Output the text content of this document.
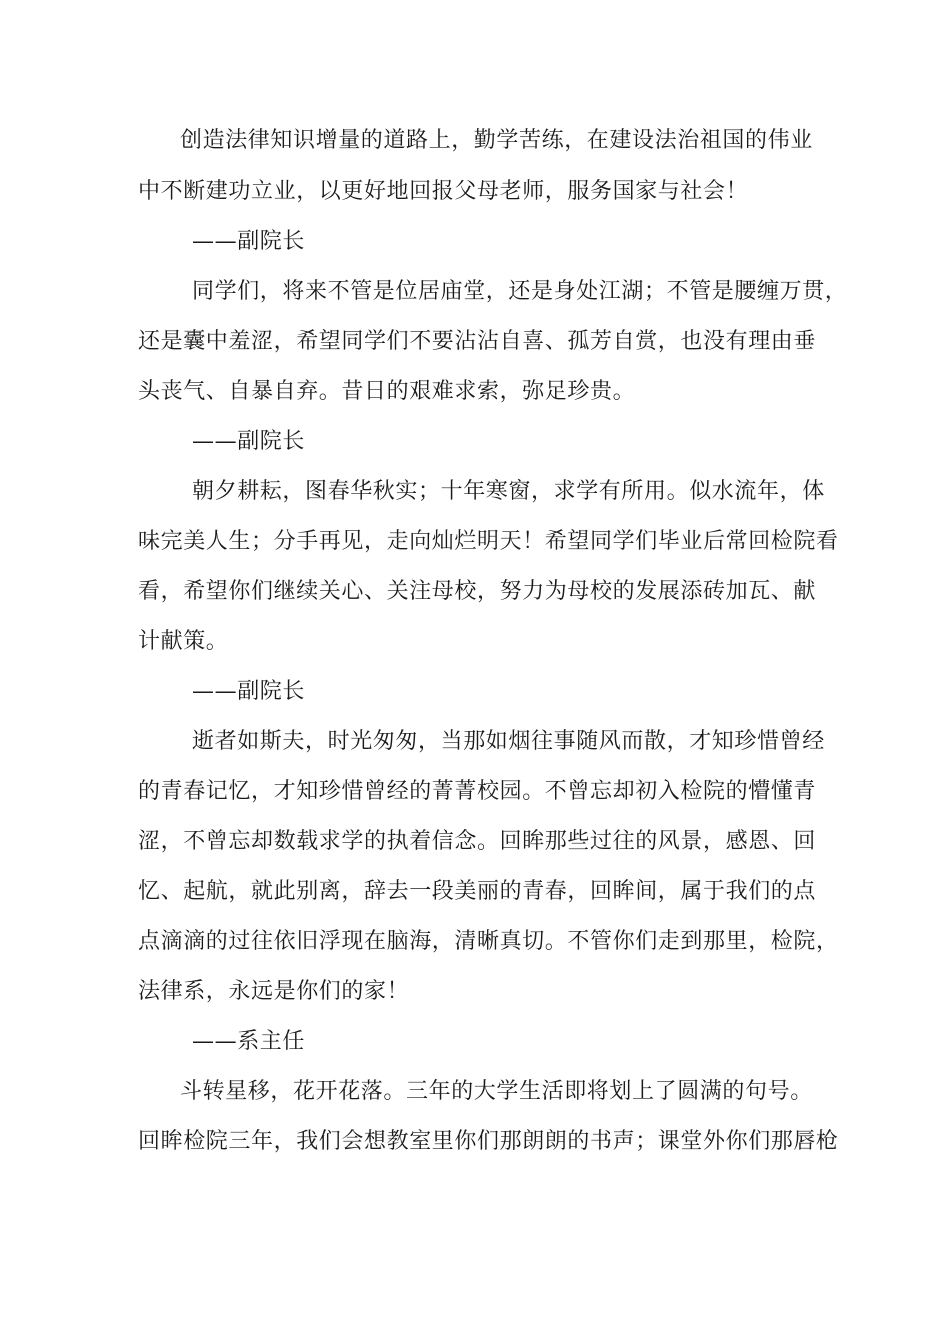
创造法律知识增量的道路上，勤学苦练，在建设法治祖国的伟业
中不断建功立业，以更好地回报父母老师，服务国家与社会！
——副院长
同学们，将来不管是位居庙堂，还是身处江湖；不管是腰缠万贯，
还是囊中羞涩，希望同学们不要沾沾自喜、孤芳自赏，也没有理由垂
头丧气、自暴自弃。昔日的艰难求索，弥足珍贵。
——副院长
朝夕耕耘，图春华秋实；十年寒窗，求学有所用。似水流年，体
味完美人生；分手再见，走向灿烂明天！希望同学们毕业后常回检院看
看，希望你们继续关心、关注母校，努力为母校的发展添砖加瓦、献
计献策。
——副院长
逝者如斯夫，时光匆匆，当那如烟往事随风而散，才知珍惜曾经
的青春记忆，才知珍惜曾经的菁菁校园。不曾忘却初入检院的懵懂青
涩，不曾忘却数载求学的执着信念。回眸那些过往的风景，感恩、回
忆、起航，就此别离，辞去一段美丽的青春，回眸间，属于我们的点
点滴滴的过往依旧浮现在脑海，清晰真切。不管你们走到那里，检院，
法律系，永远是你们的家！
——系主任
斗转星移，花开花落。三年的大学生活即将划上了圆满的句号。
回眸检院三年，我们会想教室里你们那朗朗的书声；课堂外你们那唇枪
